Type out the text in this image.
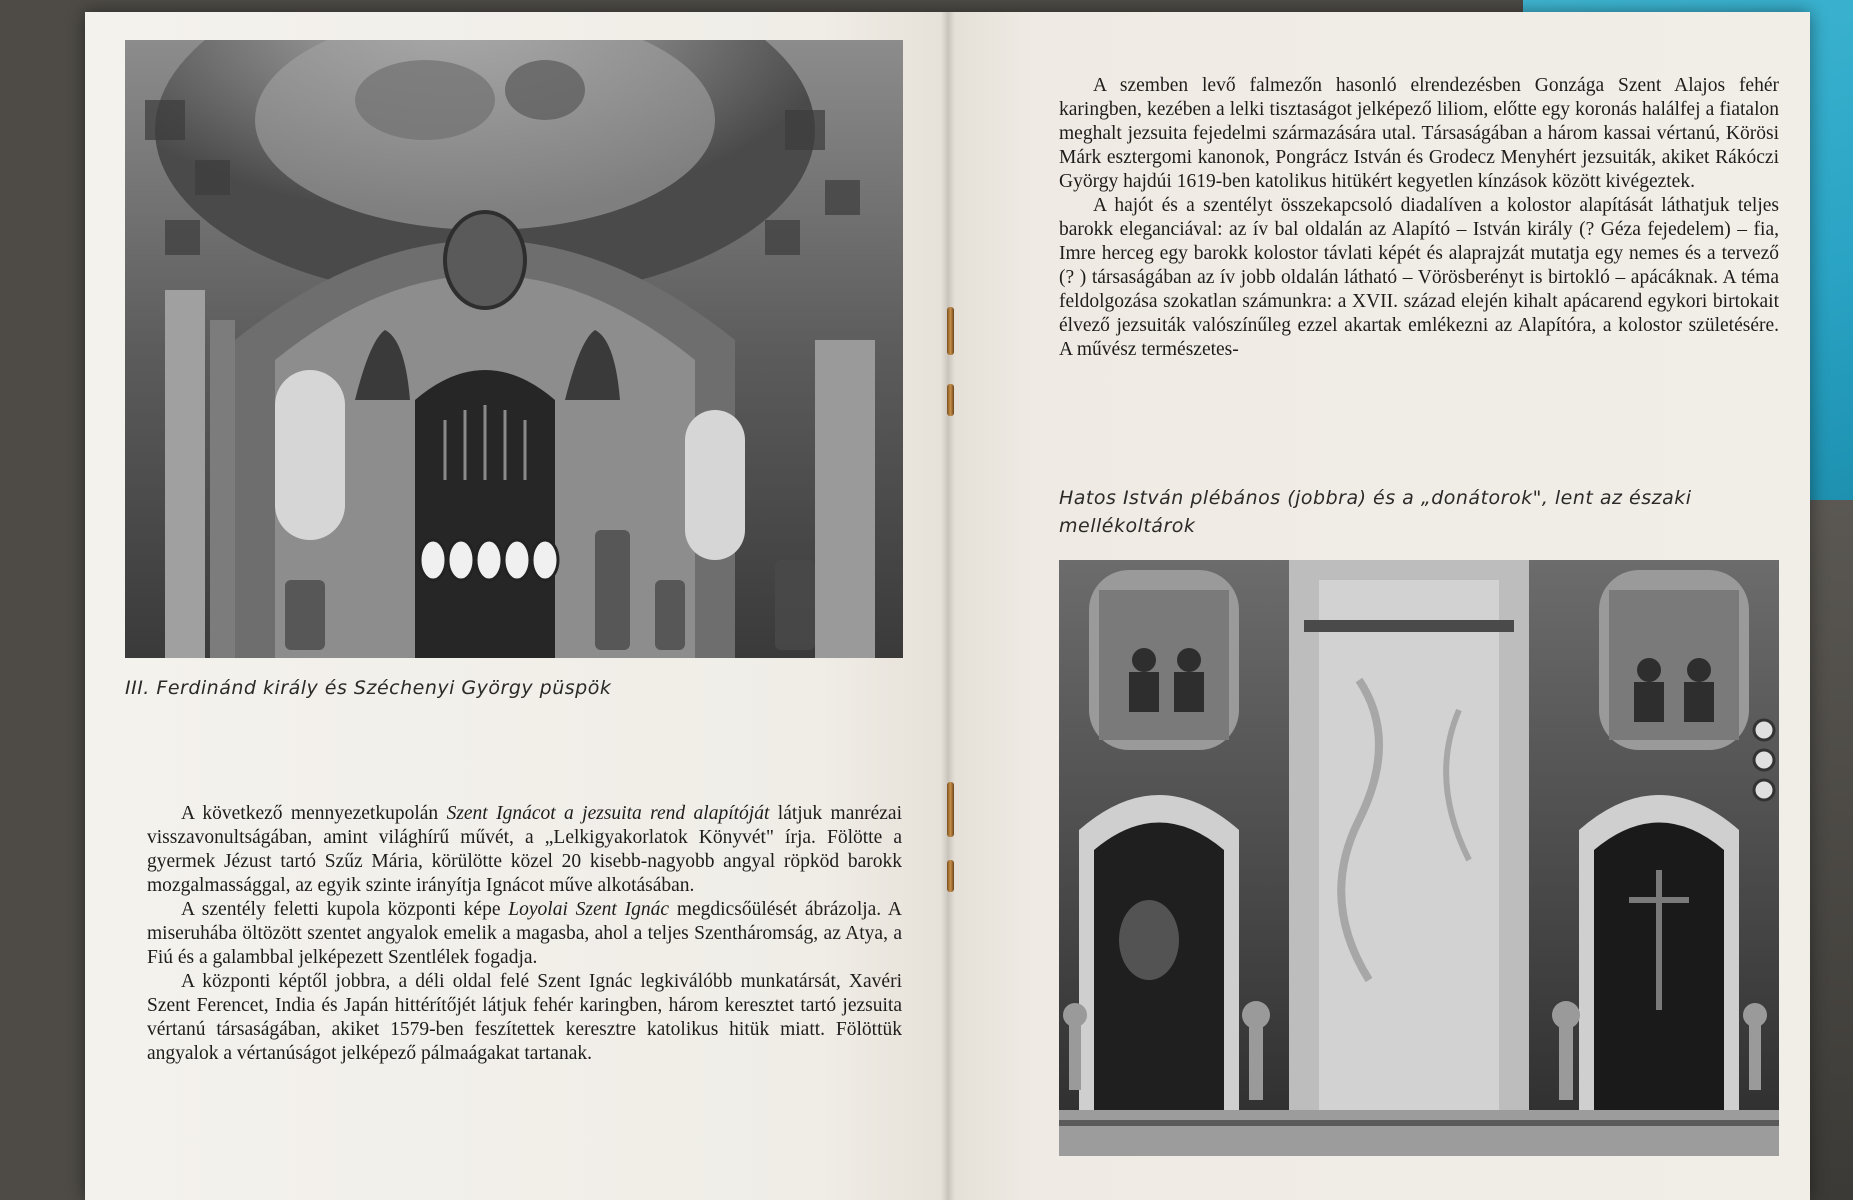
III. Ferdinánd király és Széchenyi György püspök

A következő mennyezetkupolán Szent Ignácot a jezsuita rend alapítóját látjuk manrézai visszavonultságában, amint világhírű művét, a „Lelkigyakorlatok Könyvét" írja. Fölötte a gyermek Jézust tartó Szűz Mária, körülötte közel 20 kisebb-nagyobb angyal röpköd barokk mozgalmassággal, az egyik szinte irányítja Ignácot műve alkotásában.

A szentély feletti kupola központi képe Loyolai Szent Ignác megdicsőülését ábrázolja. A miseruhába öltözött szentet angyalok emelik a magasba, ahol a teljes Szentháromság, az Atya, a Fiú és a galambbal jelképezett Szentlélek fogadja.

A központi képtől jobbra, a déli oldal felé Szent Ignác legkiválóbb munkatársát, Xavéri Szent Ferencet, India és Japán hittérítőjét látjuk fehér karingben, három keresztet tartó jezsuita vértanú társaságában, akiket 1579-ben feszítettek keresztre katolikus hitük miatt. Fölöttük angyalok a vértanúságot jelképező pálmaágakat tartanak.

A szemben levő falmezőn hasonló elrendezésben Gonzága Szent Alajos fehér karingben, kezében a lelki tisztaságot jelképező liliom, előtte egy koronás halálfej a fiatalon meghalt jezsuita fejedelmi származására utal. Társaságában a három kassai vértanú, Körösi Márk esztergomi kanonok, Pongrácz István és Grodecz Menyhért jezsuiták, akiket Rákóczi György hajdúi 1619-ben katolikus hitükért kegyetlen kínzások között kivégeztek.

A hajót és a szentélyt összekapcsoló diadalíven a kolostor alapítását láthatjuk teljes barokk eleganciával: az ív bal oldalán az Alapító – István király (? Géza fejedelem) – fia, Imre herceg egy barokk kolostor távlati képét és alaprajzát mutatja egy nemes és a tervező (? ) társaságában az ív jobb oldalán látható – Vörösberényt is birtokló – apácáknak. A téma feldolgozása szokatlan számunkra: a XVII. század elején kihalt apácarend egykori birtokait élvező jezsuiták valószínűleg ezzel akartak emlékezni az Alapítóra, a kolostor születésére. A művész természetes-

Hatos István plébános (jobbra) és a „donátorok", lent az északi mellékoltárok
